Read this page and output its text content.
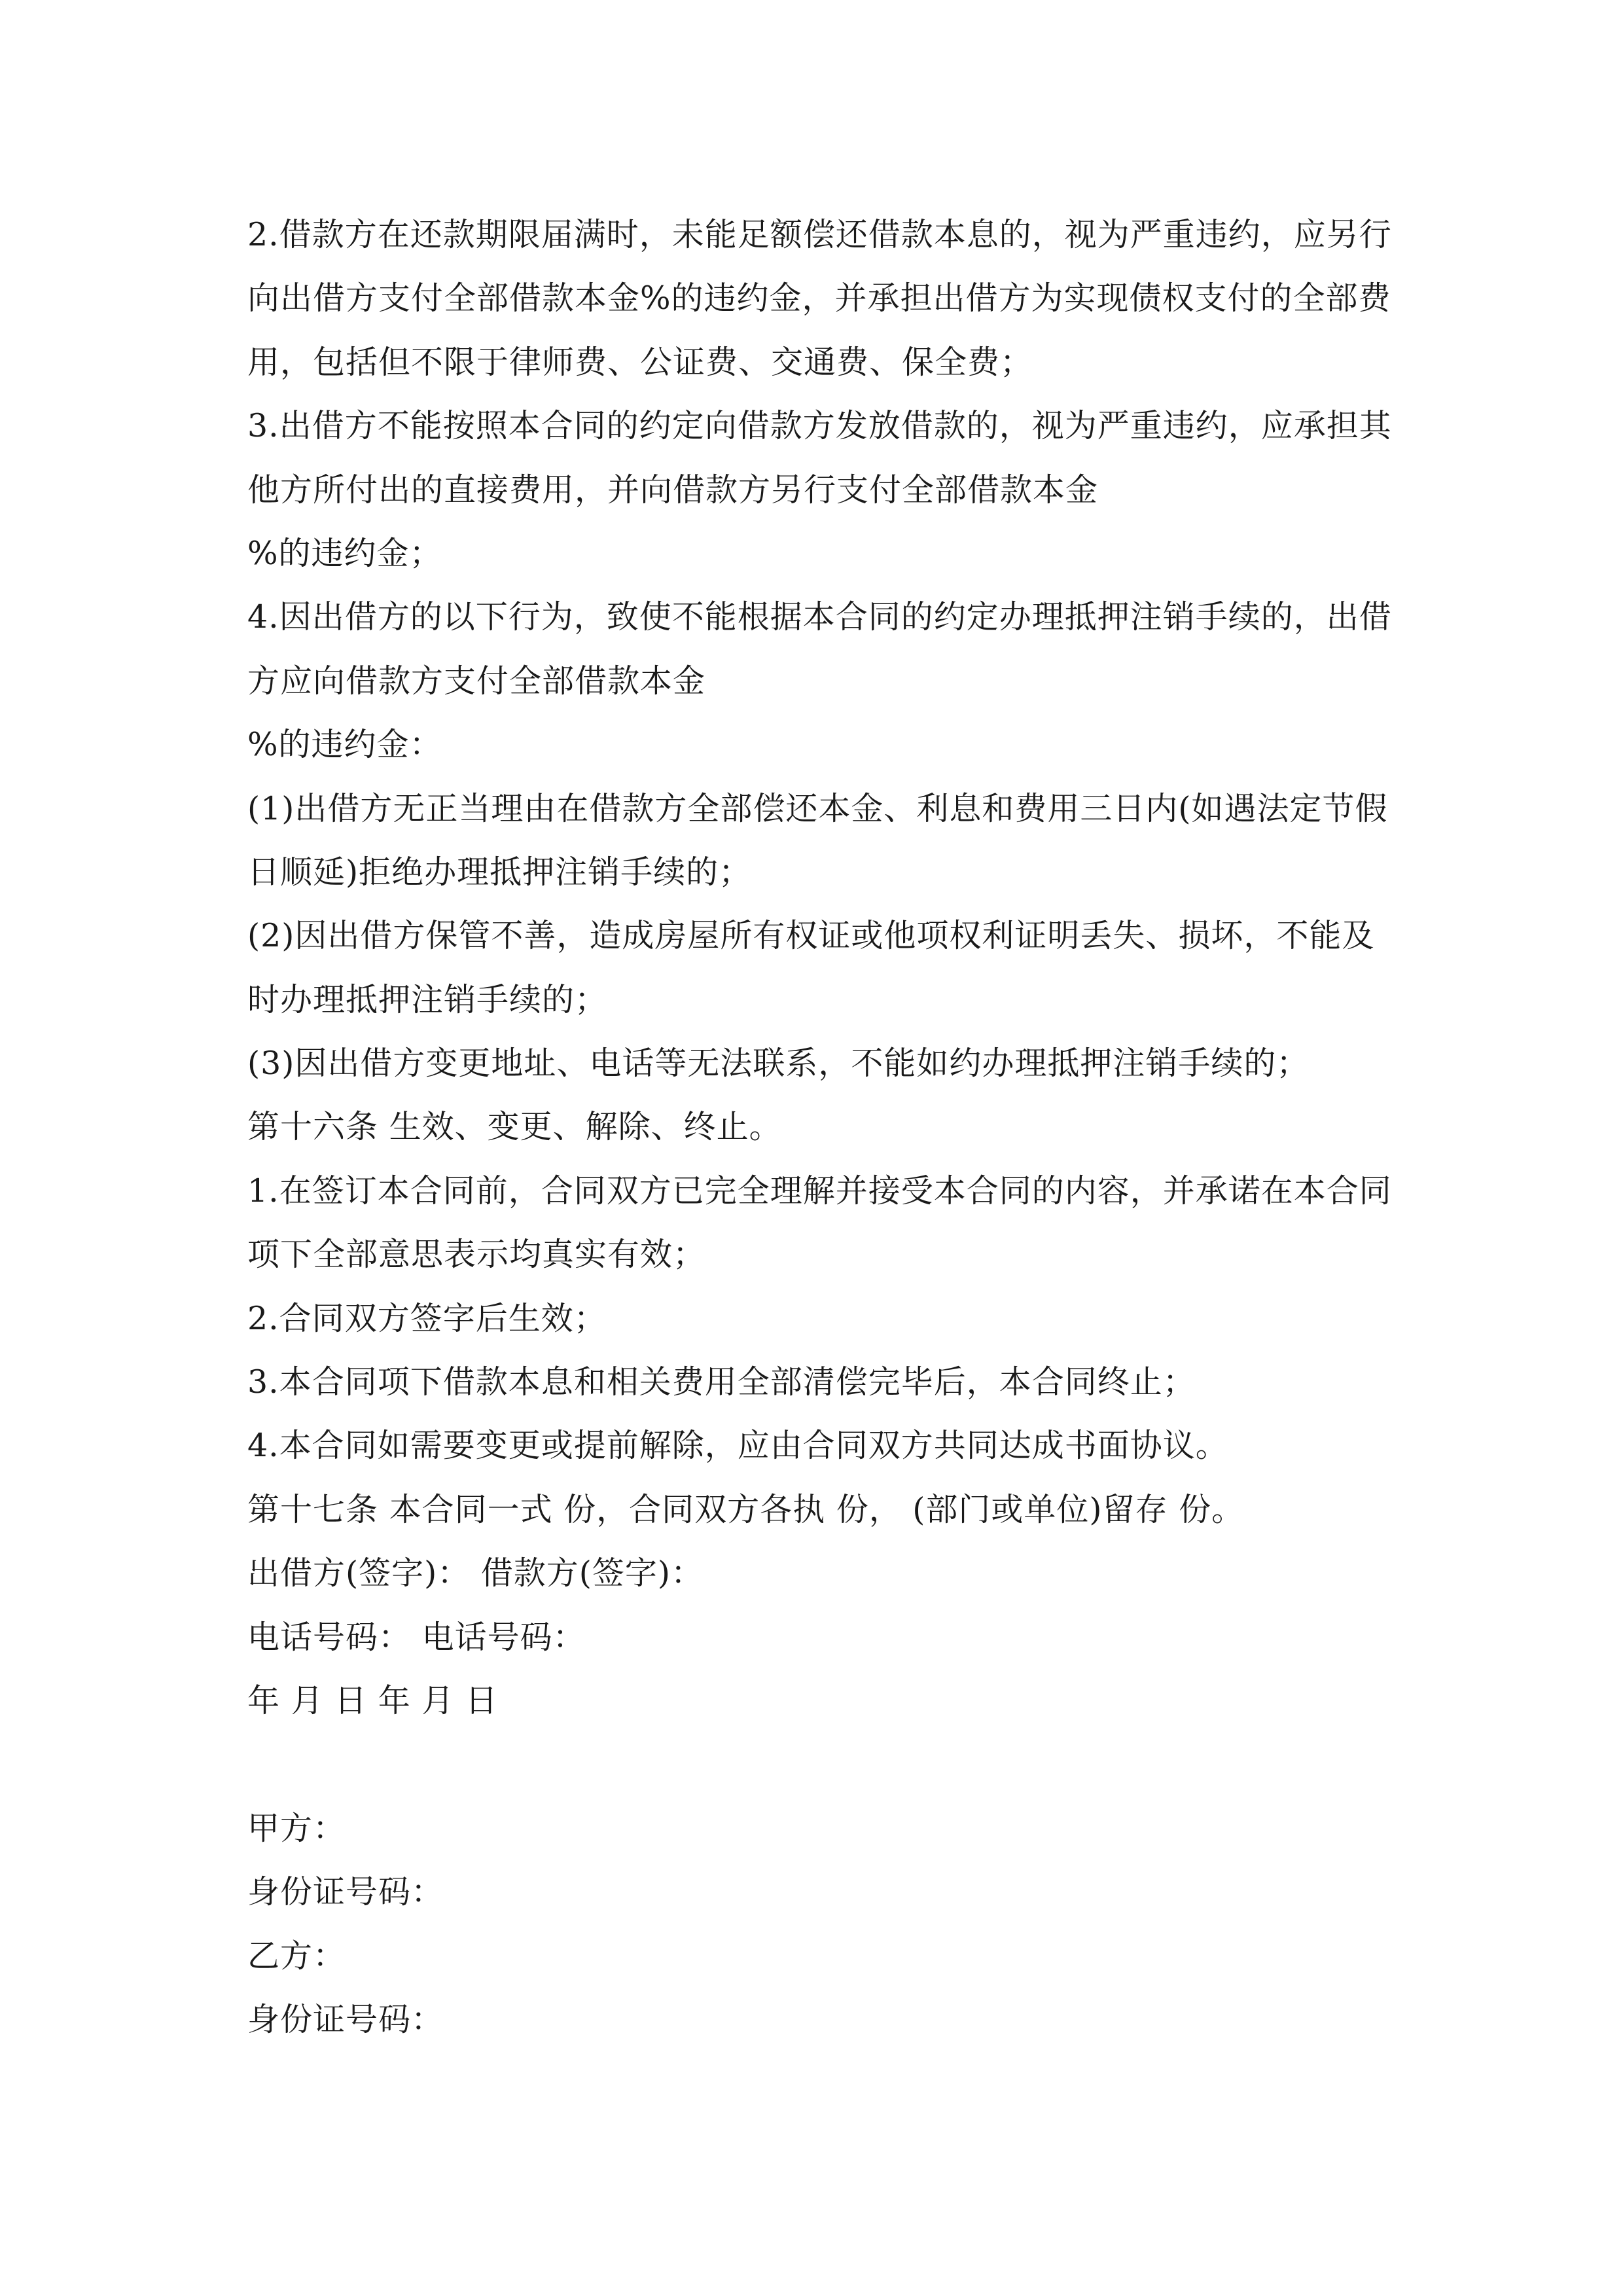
2.借款方在还款期限届满时，未能足额偿还借款本息的，视为严重违约，应另行
向出借方支付全部借款本金%的违约金，并承担出借方为实现债权支付的全部费
用，包括但不限于律师费、公证费、交通费、保全费；
3.出借方不能按照本合同的约定向借款方发放借款的，视为严重违约，应承担其
他方所付出的直接费用，并向借款方另行支付全部借款本金
%的违约金；
4.因出借方的以下行为，致使不能根据本合同的约定办理抵押注销手续的，出借
方应向借款方支付全部借款本金
%的违约金：
(1)出借方无正当理由在借款方全部偿还本金、利息和费用三日内(如遇法定节假
日顺延)拒绝办理抵押注销手续的；
(2)因出借方保管不善，造成房屋所有权证或他项权利证明丢失、损坏，不能及
时办理抵押注销手续的；
(3)因出借方变更地址、电话等无法联系，不能如约办理抵押注销手续的；
第十六条 生效、变更、解除、终止。
1.在签订本合同前，合同双方已完全理解并接受本合同的内容，并承诺在本合同
项下全部意思表示均真实有效；
2.合同双方签字后生效；
3.本合同项下借款本息和相关费用全部清偿完毕后，本合同终止；
4.本合同如需要变更或提前解除，应由合同双方共同达成书面协议。
第十七条 本合同一式 份，合同双方各执 份， (部门或单位)留存 份。
出借方(签字)： 借款方(签字)：
电话号码： 电话号码：
年 月 日 年 月 日
甲方：
身份证号码：
乙方：
身份证号码：
